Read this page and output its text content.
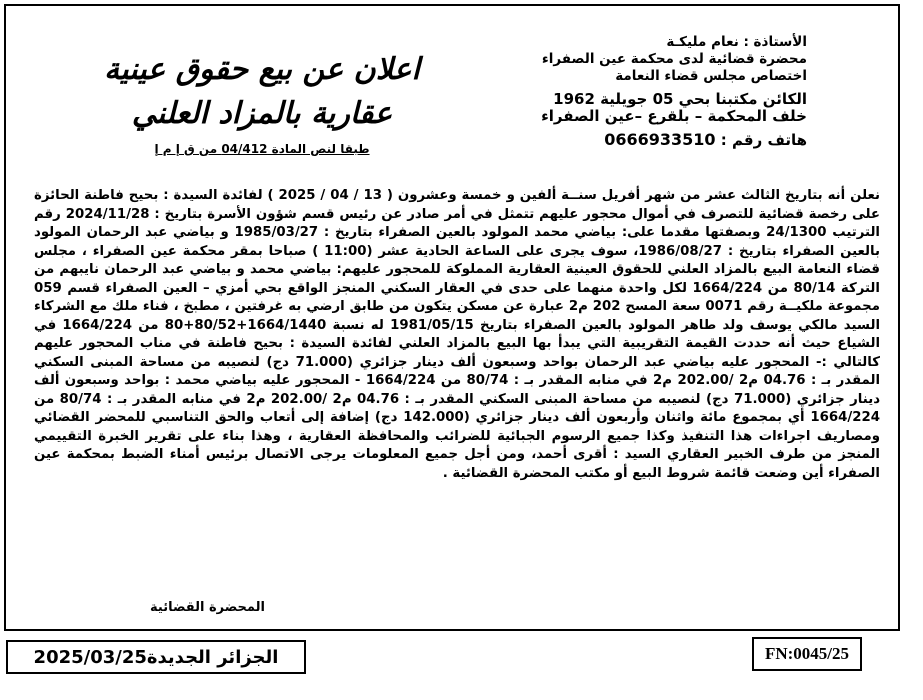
الأستاذة : نعام مليكـة
محضرة قضائية لدى محكمة عين الصفراء
اختصاص مجلس قضاء النعامة
الكائن مكتبنا بحي 05 جويلية 1962
خلف المحكمة – بلقرع –عين الصفراء
هاتف رقم : 0666933510
اعلان عن بيع حقوق عينية
عقارية بالمزاد العلني
طبقا لنص المادة 04/412 من ق إ م إ
نعلن أنه بتاريخ الثالث عشر من شهر أفريل سنــة ألفين و خمسة وعشرون ( 13 / 04 / 2025 ) لفائدة السيدة : بحيح فاطنة الحائزة على رخصة قضائية للتصرف في أموال محجور عليهم تتمثل في أمر صادر عن رئيس قسم شؤون الأسرة بتاريخ : 2024/11/28 رقم الترتيب 24/1300 وبصفتها مقدما على: بياضي محمد المولود بالعين الصفراء بتاريخ : 1985/03/27 و بياضي عبد الرحمان المولود بالعين الصفراء بتاريخ : 1986/08/27، سوف يجرى على الساعة الحادية عشر (11:00 ) صباحا بمقر محكمة عين الصفراء ، مجلس قضاء النعامة البيع بالمزاد العلني للحقوق العينية العقارية المملوكة للمحجور عليهم: بياضي محمد و بياضي عبد الرحمان نايبهم من التركة 80/14 من 1664/224 لكل واحدة منهما على حدى في العقار السكني المنجز الواقع بحي أمزي – العين الصفراء قسم 059 مجموعة ملكيــة رقم 0071 سعة المسح 202 م2 عبارة عن مسكن يتكون من طابق ارضي به غرفتين ، مطبخ ، فناء ملك مع الشركاء السيد مالكي يوسف ولد طاهر المولود بالعين الصفراء بتاريخ 1981/05/15 له نسبة 1664/1440+80/52+80 من 1664/224 في الشياع حيث أنه حددت القيمة التقريبية التي يبدأ بها البيع بالمزاد العلني لفائدة السيدة : بحيح فاطنة في مناب المحجور عليهم كالتالي :- المحجور عليه بياضي عبد الرحمان بواحد وسبعون ألف دينار جزائري (71.000 دج) لنصيبه من مساحة المبنى السكني المقدر بـ : 04.76 م2 /202.00 م2 في منابه المقدر بـ : 80/74 من 1664/224 - المحجور عليه بياضي محمد : بواحد وسبعون ألف دينار جزائري (71.000 دج) لنصيبه من مساحة المبنى السكني المقدر بـ : 04.76 م2 /202.00 م2 في منابه المقدر بـ : 80/74 من 1664/224 أي بمجموع مائة واثنان وأربعون ألف دينار جزائري (142.000 دج) إضافة إلى أتعاب والحق التناسبي للمحضر القضائي ومصاريف اجراءات هذا التنفيذ وكذا جميع الرسوم الجبائية للضرائب والمحافظة العقارية ، وهذا بناء على تقرير الخبرة التقييمي المنجز من طرف الخبير العقاري السيد : أقرى أحمد، ومن أجل جميع المعلومات يرجى الاتصال برئيس أمناء الضبط بمحكمة عين الصفراء أين وضعت قائمة شروط البيع أو مكتب المحضرة القضائية .
المحضرة القضائية
الجزائر الجديدة2025/03/25	FN:0045/25
